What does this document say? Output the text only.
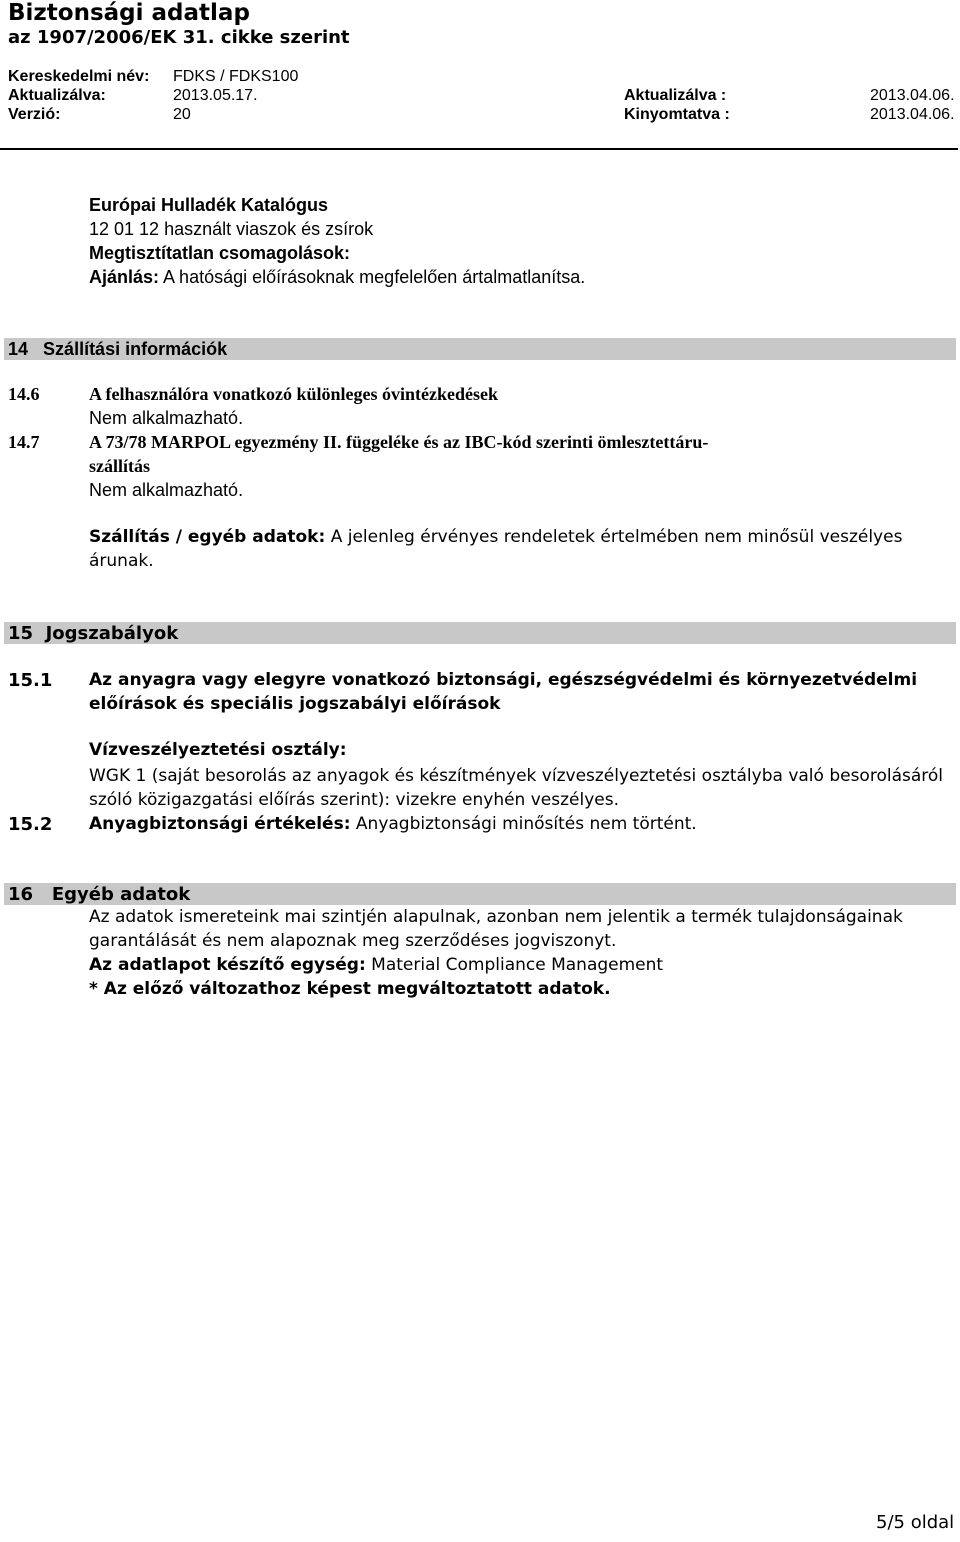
Biztonsági adatlap
az 1907/2006/EK 31. cikke szerint
Kereskedelmi név: FDKS / FDKS100
Aktualizálva:	2013.05.17.	Aktualizálva :	2013.04.06.
Verzió:	20	Kinyomtatva :	2013.04.06.
Európai Hulladék Katalógus
12 01 12 használt viaszok és zsírok
Megtisztítatlan csomagolások:
Ajánlás: A hatósági előírásoknak megfelelően ártalmatlanítsa.
14 Szállítási információk
14.6	A felhasználóra vonatkozó különleges óvintézkedések
Nem alkalmazható.
14.7	A 73/78 MARPOL egyezmény II. függeléke és az IBC-kód szerinti ömlesztettáru-
szállítás
Nem alkalmazható.
Szállítás / egyéb adatok: A jelenleg érvényes rendeletek értelmében nem minősül veszélyes
árunak.
15 Jogszabályok
15.1 Az anyagra vagy elegyre vonatkozó biztonsági, egészségvédelmi és környezetvédelmi
előírások és speciális jogszabályi előírások
Vízveszélyeztetési osztály:
WGK 1 (saját besorolás az anyagok és készítmények vízveszélyeztetési osztályba való besorolásáról
szóló közigazgatási előírás szerint): vizekre enyhén veszélyes.
15.2 Anyagbiztonsági értékelés: Anyagbiztonsági minősítés nem történt.
16 Egyéb adatok
Az adatok ismereteink mai szintjén alapulnak, azonban nem jelentik a termék tulajdonságainak
garantálását és nem alapoznak meg szerződéses jogviszonyt.
Az adatlapot készítő egység: Material Compliance Management
* Az előző változathoz képest megváltoztatott adatok.
5/5 oldal
